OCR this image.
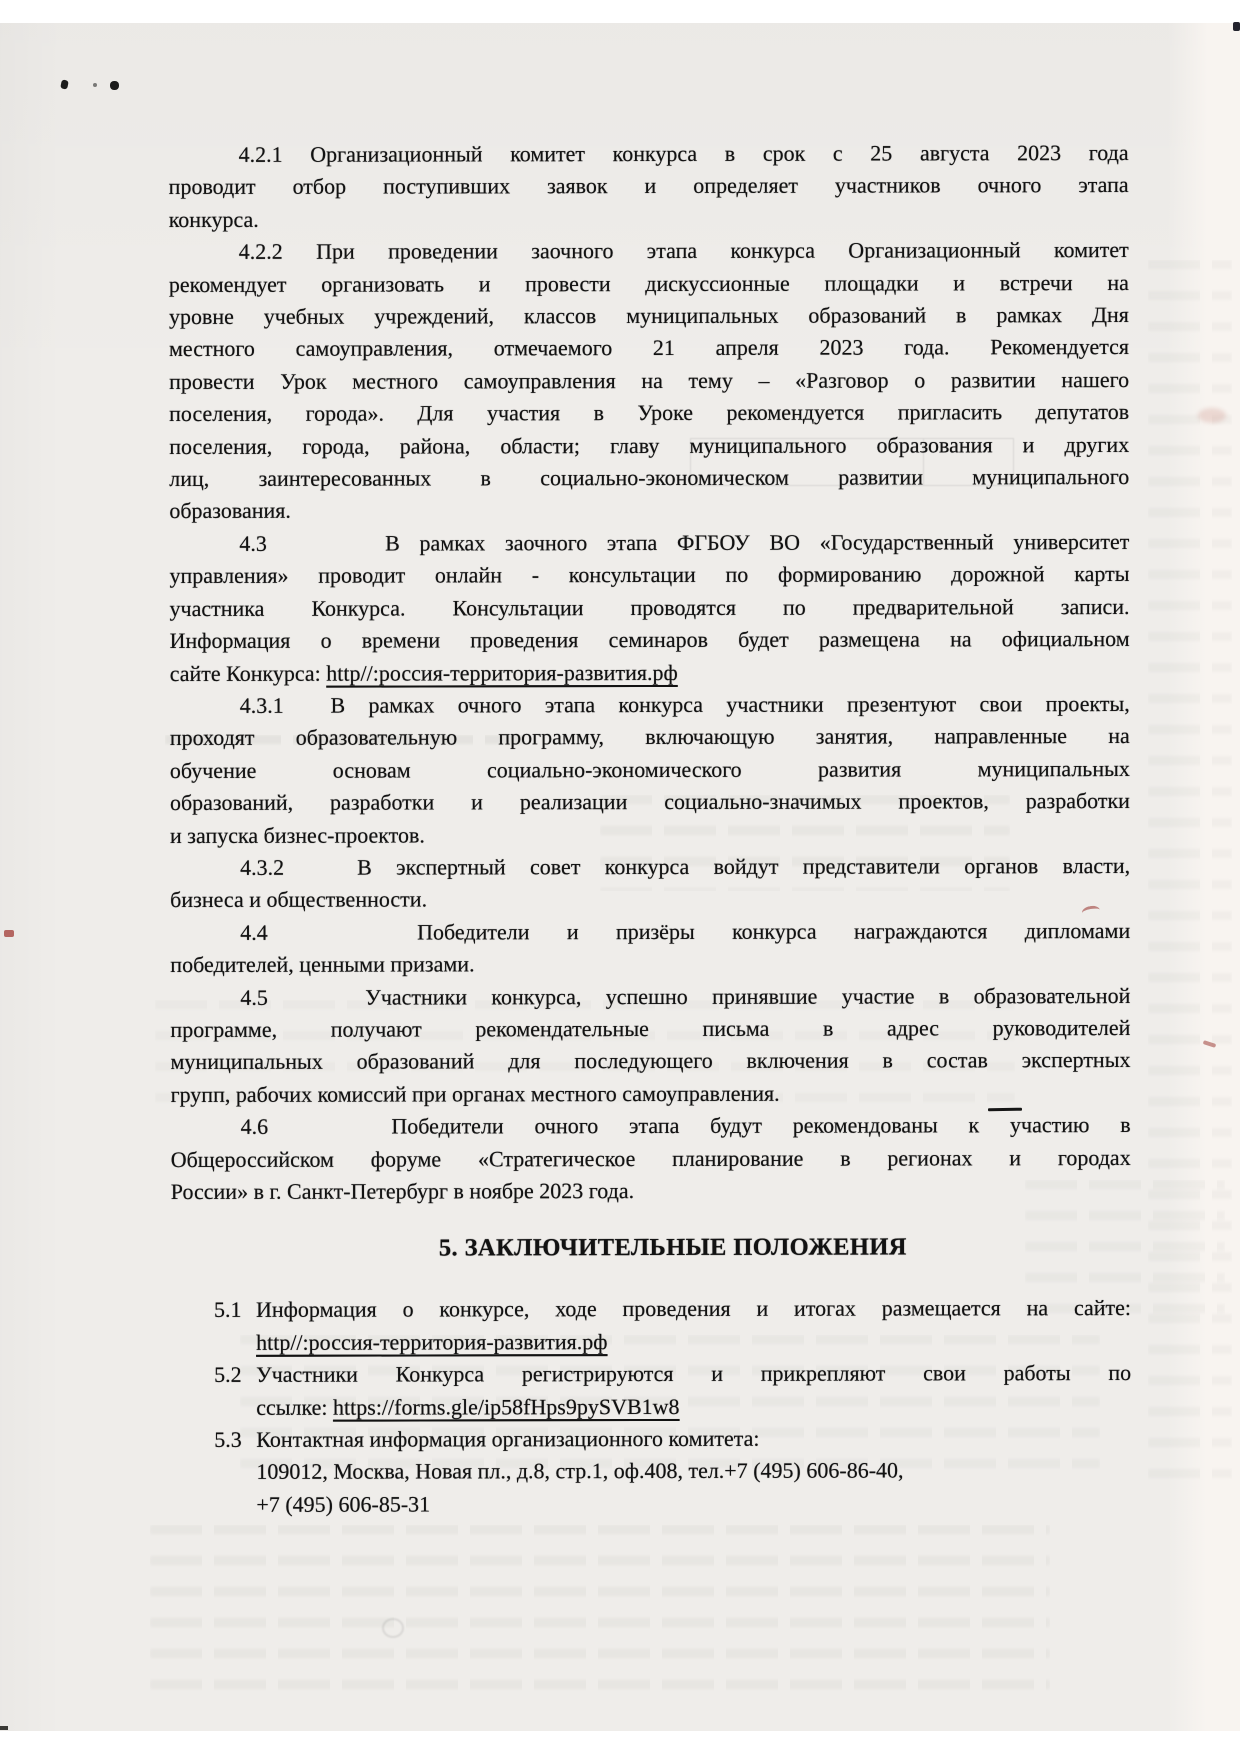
4.2.1 Организационный комитет конкурса в срок с 25 августа 2023 года
проводит отбор поступивших заявок и определяет участников очного этапа
конкурса.
4.2.2 При проведении заочного этапа конкурса Организационный комитет
рекомендует организовать и провести дискуссионные площадки и встречи на
уровне учебных учреждений, классов муниципальных образований в рамках Дня
местного самоуправления, отмечаемого 21 апреля 2023 года. Рекомендуется
провести Урок местного самоуправления на тему – «Разговор о развитии нашего
поселения, города». Для участия в Уроке рекомендуется пригласить депутатов
поселения, города, района, области; главу муниципального образования и других
лиц, заинтересованных в социально-экономическом развитии муниципального
образования.
4.3      В рамках заочного этапа ФГБОУ ВО «Государственный университет
управления» проводит онлайн - консультации по формированию дорожной карты
участника Конкурса. Консультации проводятся по предварительной записи.
Информация о времени проведения семинаров будет размещена на официальном
сайте Конкурса: http//:россия-территория-развития.рф
4.3.1  В рамках очного этапа конкурса участники презентуют свои проекты,
проходят образовательную программу, включающую занятия, направленные на
обучение основам социально-экономического развития муниципальных
образований, разработки и реализации социально-значимых проектов, разработки
и запуска бизнес-проектов.
4.3.2   В экспертный совет конкурса войдут представители органов власти,
бизнеса и общественности.
4.4    Победители и призёры конкурса награждаются дипломами
победителей, ценными призами.
4.5    Участники конкурса, успешно принявшие участие в образовательной
программе, получают рекомендательные письма в адрес руководителей
муниципальных образований для последующего включения в состав экспертных
групп, рабочих комиссий при органах местного самоуправления.
4.6    Победители очного этапа будут рекомендованы к участию в
Общероссийском форуме «Стратегическое планирование в регионах и городах
России» в г. Санкт-Петербург в ноябре 2023 года.
5. ЗАКЛЮЧИТЕЛЬНЫЕ ПОЛОЖЕНИЯ
5.1 Информация о конкурсе, ходе проведения и итогах размещается на сайте:
http//:россия-территория-развития.рф
5.2 Участники Конкурса регистрируются и прикрепляют свои работы по
ссылке: https://forms.gle/ip58fHps9pySVB1w8
5.3 Контактная информация организационного комитета:
109012, Москва, Новая пл., д.8, стр.1, оф.408, тел.+7 (495) 606-86-40,
+7 (495) 606-85-31
